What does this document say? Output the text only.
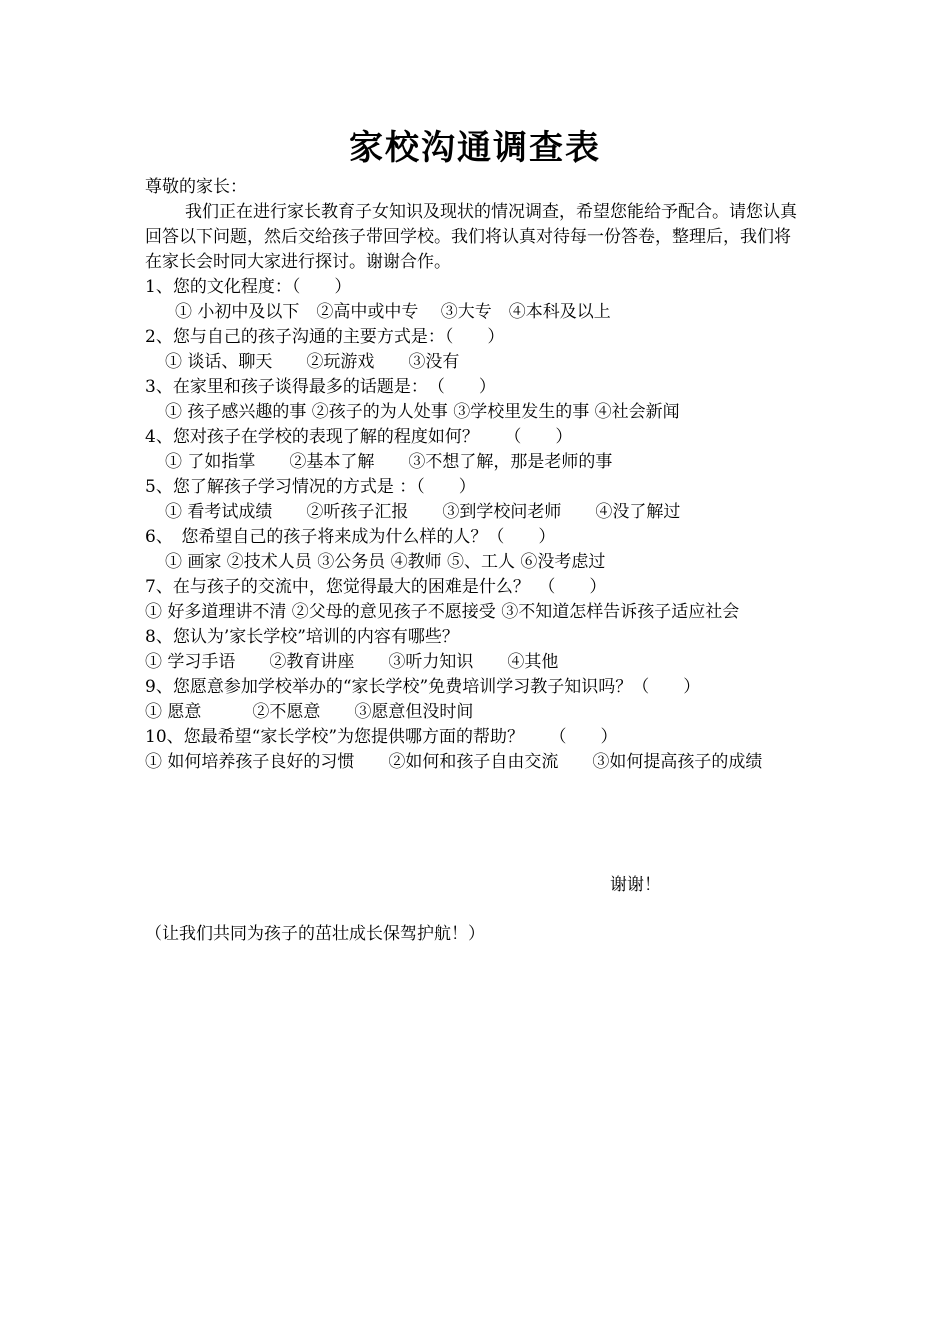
家校沟通调查表
尊敬的家长：
我们正在进行家长教育子女知识及现状的情况调查，希望您能给予配合。请您认真回答以下问题，然后交给孩子带回学校。我们将认真对待每一份答卷，整理后，我们将在家长会时同大家进行探讨。谢谢合作。
1、您的文化程度：（　　）
① 小初中及以下　②高中或中专　 ③大专　④本科及以上
2、您与自己的孩子沟通的主要方式是：（　　）
① 谈话、聊天　　②玩游戏　　③没有
3、在家里和孩子谈得最多的话题是：　（　　）
① 孩子感兴趣的事 ②孩子的为人处事 ③学校里发生的事 ④社会新闻
4、您对孩子在学校的表现了解的程度如何？　　（　　）
① 了如指掌　　②基本了解　　③不想了解，那是老师的事
5、您了解孩子学习情况的方式是 ：（　　）
① 看考试成绩　　②听孩子汇报　　③到学校问老师　　④没了解过
6、　您希望自己的孩子将来成为什么样的人？（　　）
① 画家 ②技术人员 ③公务员 ④教师 ⑤、工人 ⑥没考虑过
7、在与孩子的交流中，您觉得最大的困难是什么？　（　　）
① 好多道理讲不清 ②父母的意见孩子不愿接受 ③不知道怎样告诉孩子适应社会
8、您认为’家长学校”培训的内容有哪些？
① 学习手语　　②教育讲座　　③听力知识　　④其他
9、您愿意参加学校举办的“家长学校”免费培训学习教子知识吗？（　　）
① 愿意　　　②不愿意　　③愿意但没时间
10、您最希望“家长学校”为您提供哪方面的帮助？　　（　　）
① 如何培养孩子良好的习惯　　②如何和孩子自由交流　　③如何提高孩子的成绩
谢谢！
（让我们共同为孩子的茁壮成长保驾护航！）
